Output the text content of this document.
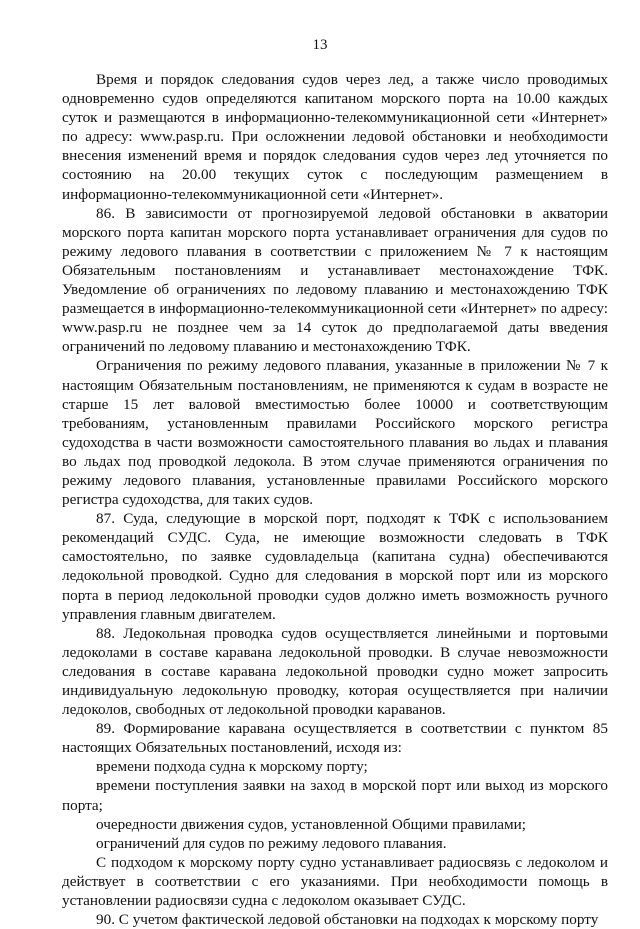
13

Время и порядок следования судов через лед, а также число проводимых одновременно судов определяются капитаном морского порта на 10.00 каждых суток и размещаются в информационно-телекоммуникационной сети «Интернет» по адресу: www.pasp.ru. При осложнении ледовой обстановки и необходимости внесения изменений время и порядок следования судов через лед уточняется по состоянию на 20.00 текущих суток с последующим размещением в информационно-телекоммуникационной сети «Интернет».

86. В зависимости от прогнозируемой ледовой обстановки в акватории морского порта капитан морского порта устанавливает ограничения для судов по режиму ледового плавания в соответствии с приложением № 7 к настоящим Обязательным постановлениям и устанавливает местонахождение ТФК. Уведомление об ограничениях по ледовому плаванию и местонахождению ТФК размещается в информационно-телекоммуникационной сети «Интернет» по адресу: www.pasp.ru не позднее чем за 14 суток до предполагаемой даты введения ограничений по ледовому плаванию и местонахождению ТФК.

Ограничения по режиму ледового плавания, указанные в приложении № 7 к настоящим Обязательным постановлениям, не применяются к судам в возрасте не старше 15 лет валовой вместимостью более 10000 и соответствующим требованиям, установленным правилами Российского морского регистра судоходства в части возможности самостоятельного плавания во льдах и плавания во льдах под проводкой ледокола. В этом случае применяются ограничения по режиму ледового плавания, установленные правилами Российского морского регистра судоходства, для таких судов.

87. Суда, следующие в морской порт, подходят к ТФК с использованием рекомендаций СУДС. Суда, не имеющие возможности следовать в ТФК самостоятельно, по заявке судовладельца (капитана судна) обеспечиваются ледокольной проводкой. Судно для следования в морской порт или из морского порта в период ледокольной проводки судов должно иметь возможность ручного управления главным двигателем.

88. Ледокольная проводка судов осуществляется линейными и портовыми ледоколами в составе каравана ледокольной проводки. В случае невозможности следования в составе каравана ледокольной проводки судно может запросить индивидуальную ледокольную проводку, которая осуществляется при наличии ледоколов, свободных от ледокольной проводки караванов.

89. Формирование каравана осуществляется в соответствии с пунктом 85 настоящих Обязательных постановлений, исходя из:

времени подхода судна к морскому порту;

времени поступления заявки на заход в морской порт или выход из морского порта;

очередности движения судов, установленной Общими правилами;

ограничений для судов по режиму ледового плавания.

С подходом к морскому порту судно устанавливает радиосвязь с ледоколом и действует в соответствии с его указаниями. При необходимости помощь в установлении радиосвязи судна с ледоколом оказывает СУДС.

90. С учетом фактической ледовой обстановки на подходах к морскому порту
